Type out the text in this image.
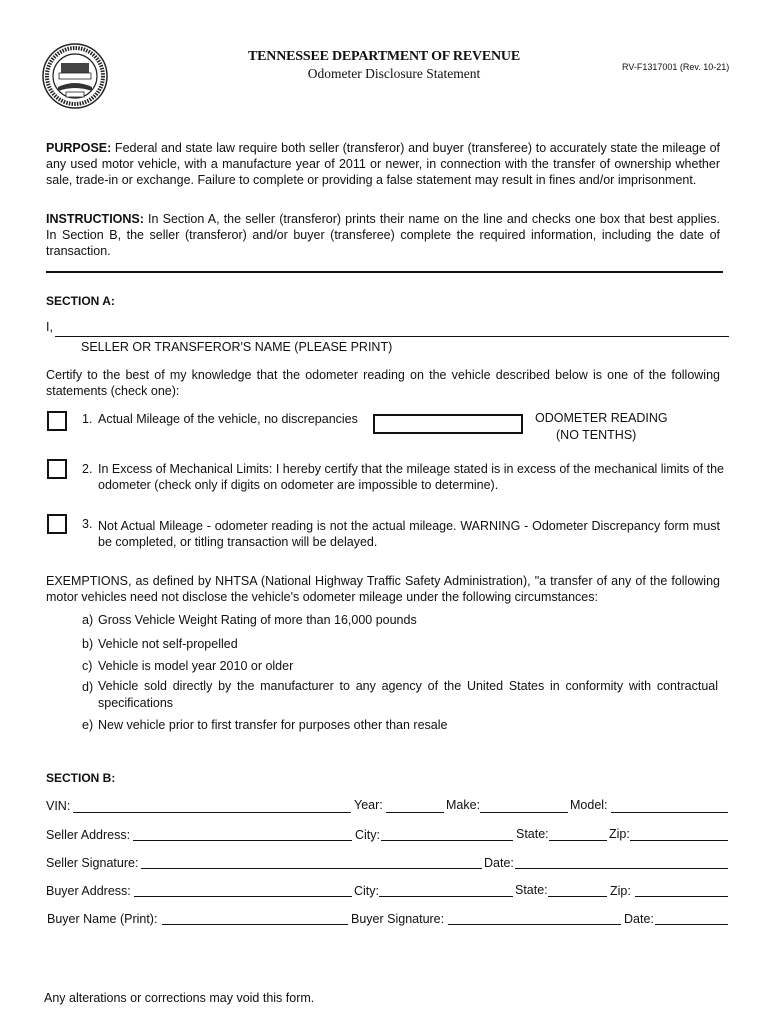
TENNESSEE DEPARTMENT OF REVENUE
Odometer Disclosure Statement	RV-F1317001 (Rev. 10-21)
PURPOSE: Federal and state law require both seller (transferor) and buyer (transferee) to accurately state the mileage of any used motor vehicle, with a manufacture year of 2011 or newer, in connection with the transfer of ownership whether sale, trade-in or exchange. Failure to complete or providing a false statement may result in fines and/or imprisonment.
INSTRUCTIONS: In Section A, the seller (transferor) prints their name on the line and checks one box that best applies. In Section B, the seller (transferor) and/or buyer (transferee) complete the required information, including the date of transaction.
SECTION A:
I,
SELLER OR TRANSFEROR'S NAME (PLEASE PRINT)
Certify to the best of my knowledge that the odometer reading on the vehicle described below is one of the following statements (check one):
1. Actual Mileage of the vehicle, no discrepancies	ODOMETER READING
(NO TENTHS)
2. In Excess of Mechanical Limits: I hereby certify that the mileage stated is in excess of the mechanical limits of the odometer (check only if digits on odometer are impossible to determine).
3. Not Actual Mileage - odometer reading is not the actual mileage. WARNING - Odometer Discrepancy form must be completed, or titling transaction will be delayed.
EXEMPTIONS, as defined by NHTSA (National Highway Traffic Safety Administration), "a transfer of any of the following motor vehicles need not disclose the vehicle's odometer mileage under the following circumstances:
a) Gross Vehicle Weight Rating of more than 16,000 pounds
b) Vehicle not self-propelled
c) Vehicle is model year 2010 or older
d) Vehicle sold directly by the manufacturer to any agency of the United States in conformity with contractual specifications
e) New vehicle prior to first transfer for purposes other than resale
SECTION B:
VIN:	Year:	Make:	Model:
Seller Address:	City:	State:	Zip:
Seller Signature:	Date:
Buyer Address:	City:	State:	Zip:
Buyer Name (Print):	Buyer Signature:	Date:
Any alterations or corrections may void this form.
